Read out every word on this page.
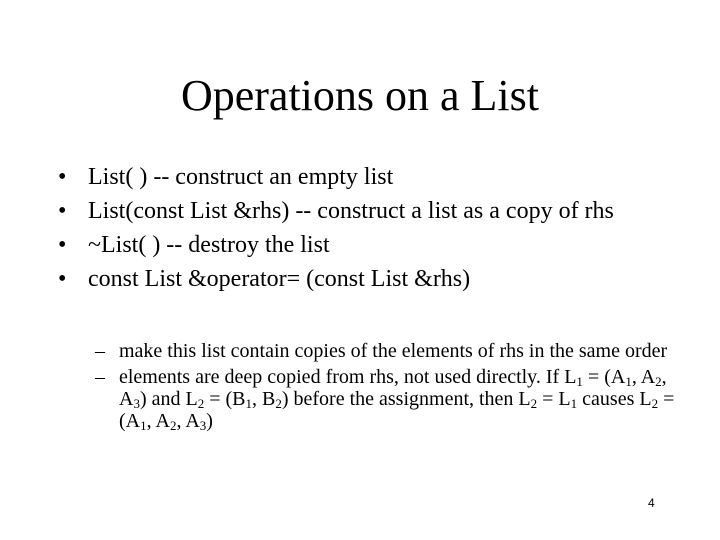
Operations on a List
• List( ) -- construct an empty list
• List(const List &rhs) -- construct a list as a copy of rhs
• ~List( ) -- destroy the list
• const List &operator= (const List &rhs)
– make this list contain copies of the elements of rhs in the same order
– elements are deep copied from rhs, not used directly. If $L_1 = (A_1$, $A_2$, $A_3$) and $L_2 = (B_1$, $B_2$) before the assignment, then $L_2 = L_1$ causes $L_2 = (A_1$, $A_2$, $A_3$)
4
